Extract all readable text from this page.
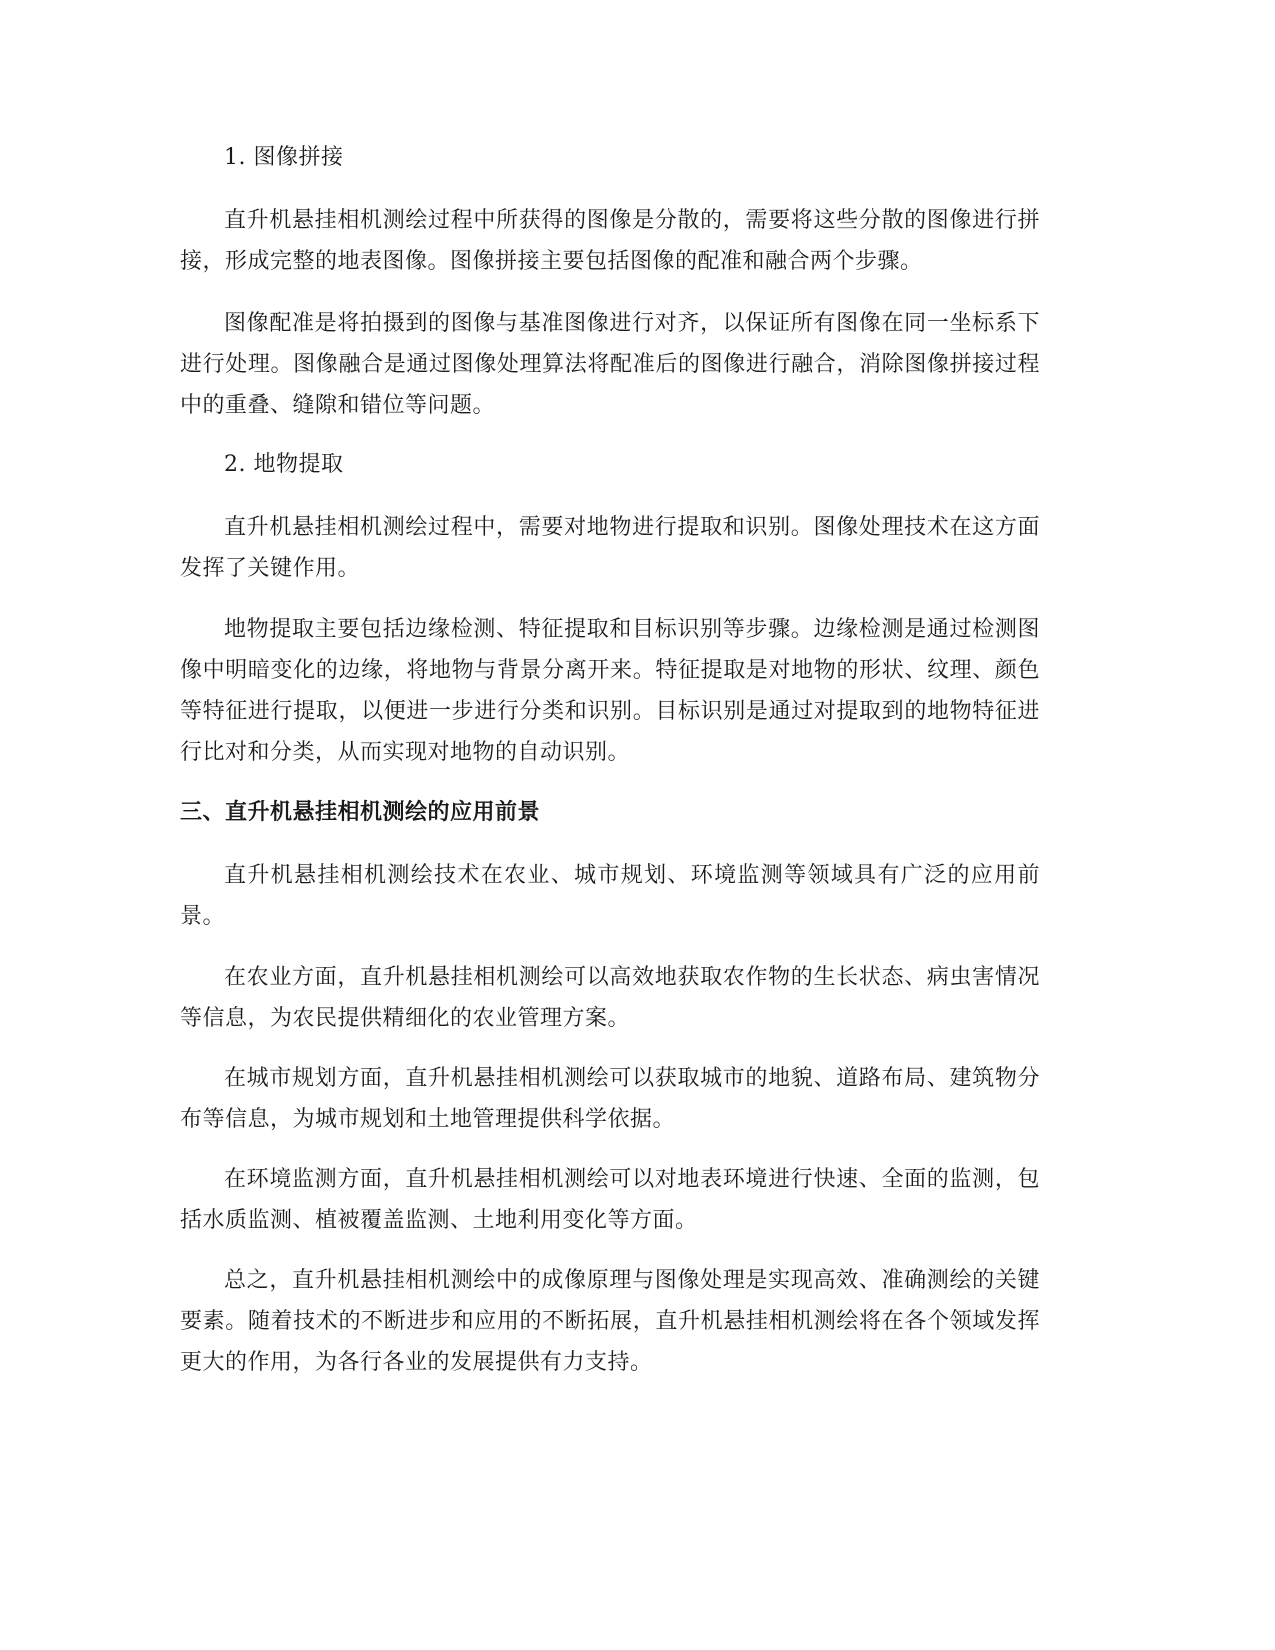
1. 图像拼接

直升机悬挂相机测绘过程中所获得的图像是分散的，需要将这些分散的图像进行拼接，形成完整的地表图像。图像拼接主要包括图像的配准和融合两个步骤。

图像配准是将拍摄到的图像与基准图像进行对齐，以保证所有图像在同一坐标系下进行处理。图像融合是通过图像处理算法将配准后的图像进行融合，消除图像拼接过程中的重叠、缝隙和错位等问题。

2. 地物提取

直升机悬挂相机测绘过程中，需要对地物进行提取和识别。图像处理技术在这方面发挥了关键作用。

地物提取主要包括边缘检测、特征提取和目标识别等步骤。边缘检测是通过检测图像中明暗变化的边缘，将地物与背景分离开来。特征提取是对地物的形状、纹理、颜色等特征进行提取，以便进一步进行分类和识别。目标识别是通过对提取到的地物特征进行比对和分类，从而实现对地物的自动识别。

三、直升机悬挂相机测绘的应用前景

直升机悬挂相机测绘技术在农业、城市规划、环境监测等领域具有广泛的应用前景。

在农业方面，直升机悬挂相机测绘可以高效地获取农作物的生长状态、病虫害情况等信息，为农民提供精细化的农业管理方案。

在城市规划方面，直升机悬挂相机测绘可以获取城市的地貌、道路布局、建筑物分布等信息，为城市规划和土地管理提供科学依据。

在环境监测方面，直升机悬挂相机测绘可以对地表环境进行快速、全面的监测，包括水质监测、植被覆盖监测、土地利用变化等方面。

总之，直升机悬挂相机测绘中的成像原理与图像处理是实现高效、准确测绘的关键要素。随着技术的不断进步和应用的不断拓展，直升机悬挂相机测绘将在各个领域发挥更大的作用，为各行各业的发展提供有力支持。
